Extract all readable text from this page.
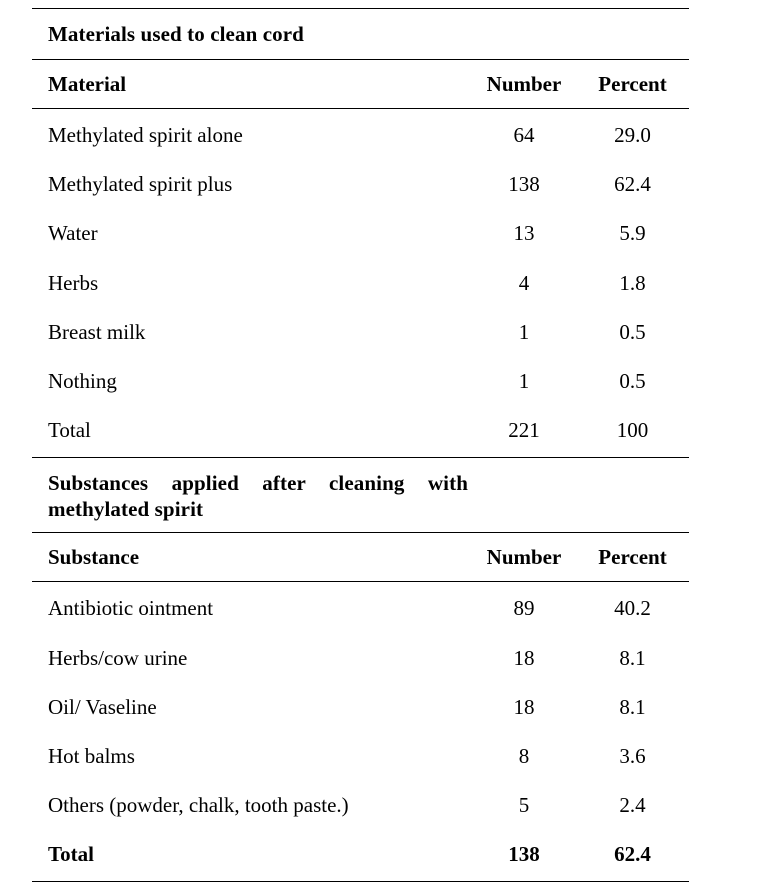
Materials used to clean cord
Material	Number	Percent
Methylated spirit alone	64	29.0
Methylated spirit plus	138	62.4
Water	13	5.9
Herbs	4	1.8
Breast milk	1	0.5
Nothing	1	0.5
Total	221	100
Substances applied after cleaning with
methylated spirit
Substance	Number	Percent
Antibiotic ointment	89	40.2
Herbs/cow urine	18	8.1
Oil/ Vaseline	18	8.1
Hot balms	8	3.6
Others (powder, chalk, tooth paste.)	5	2.4
Total	138	62.4
